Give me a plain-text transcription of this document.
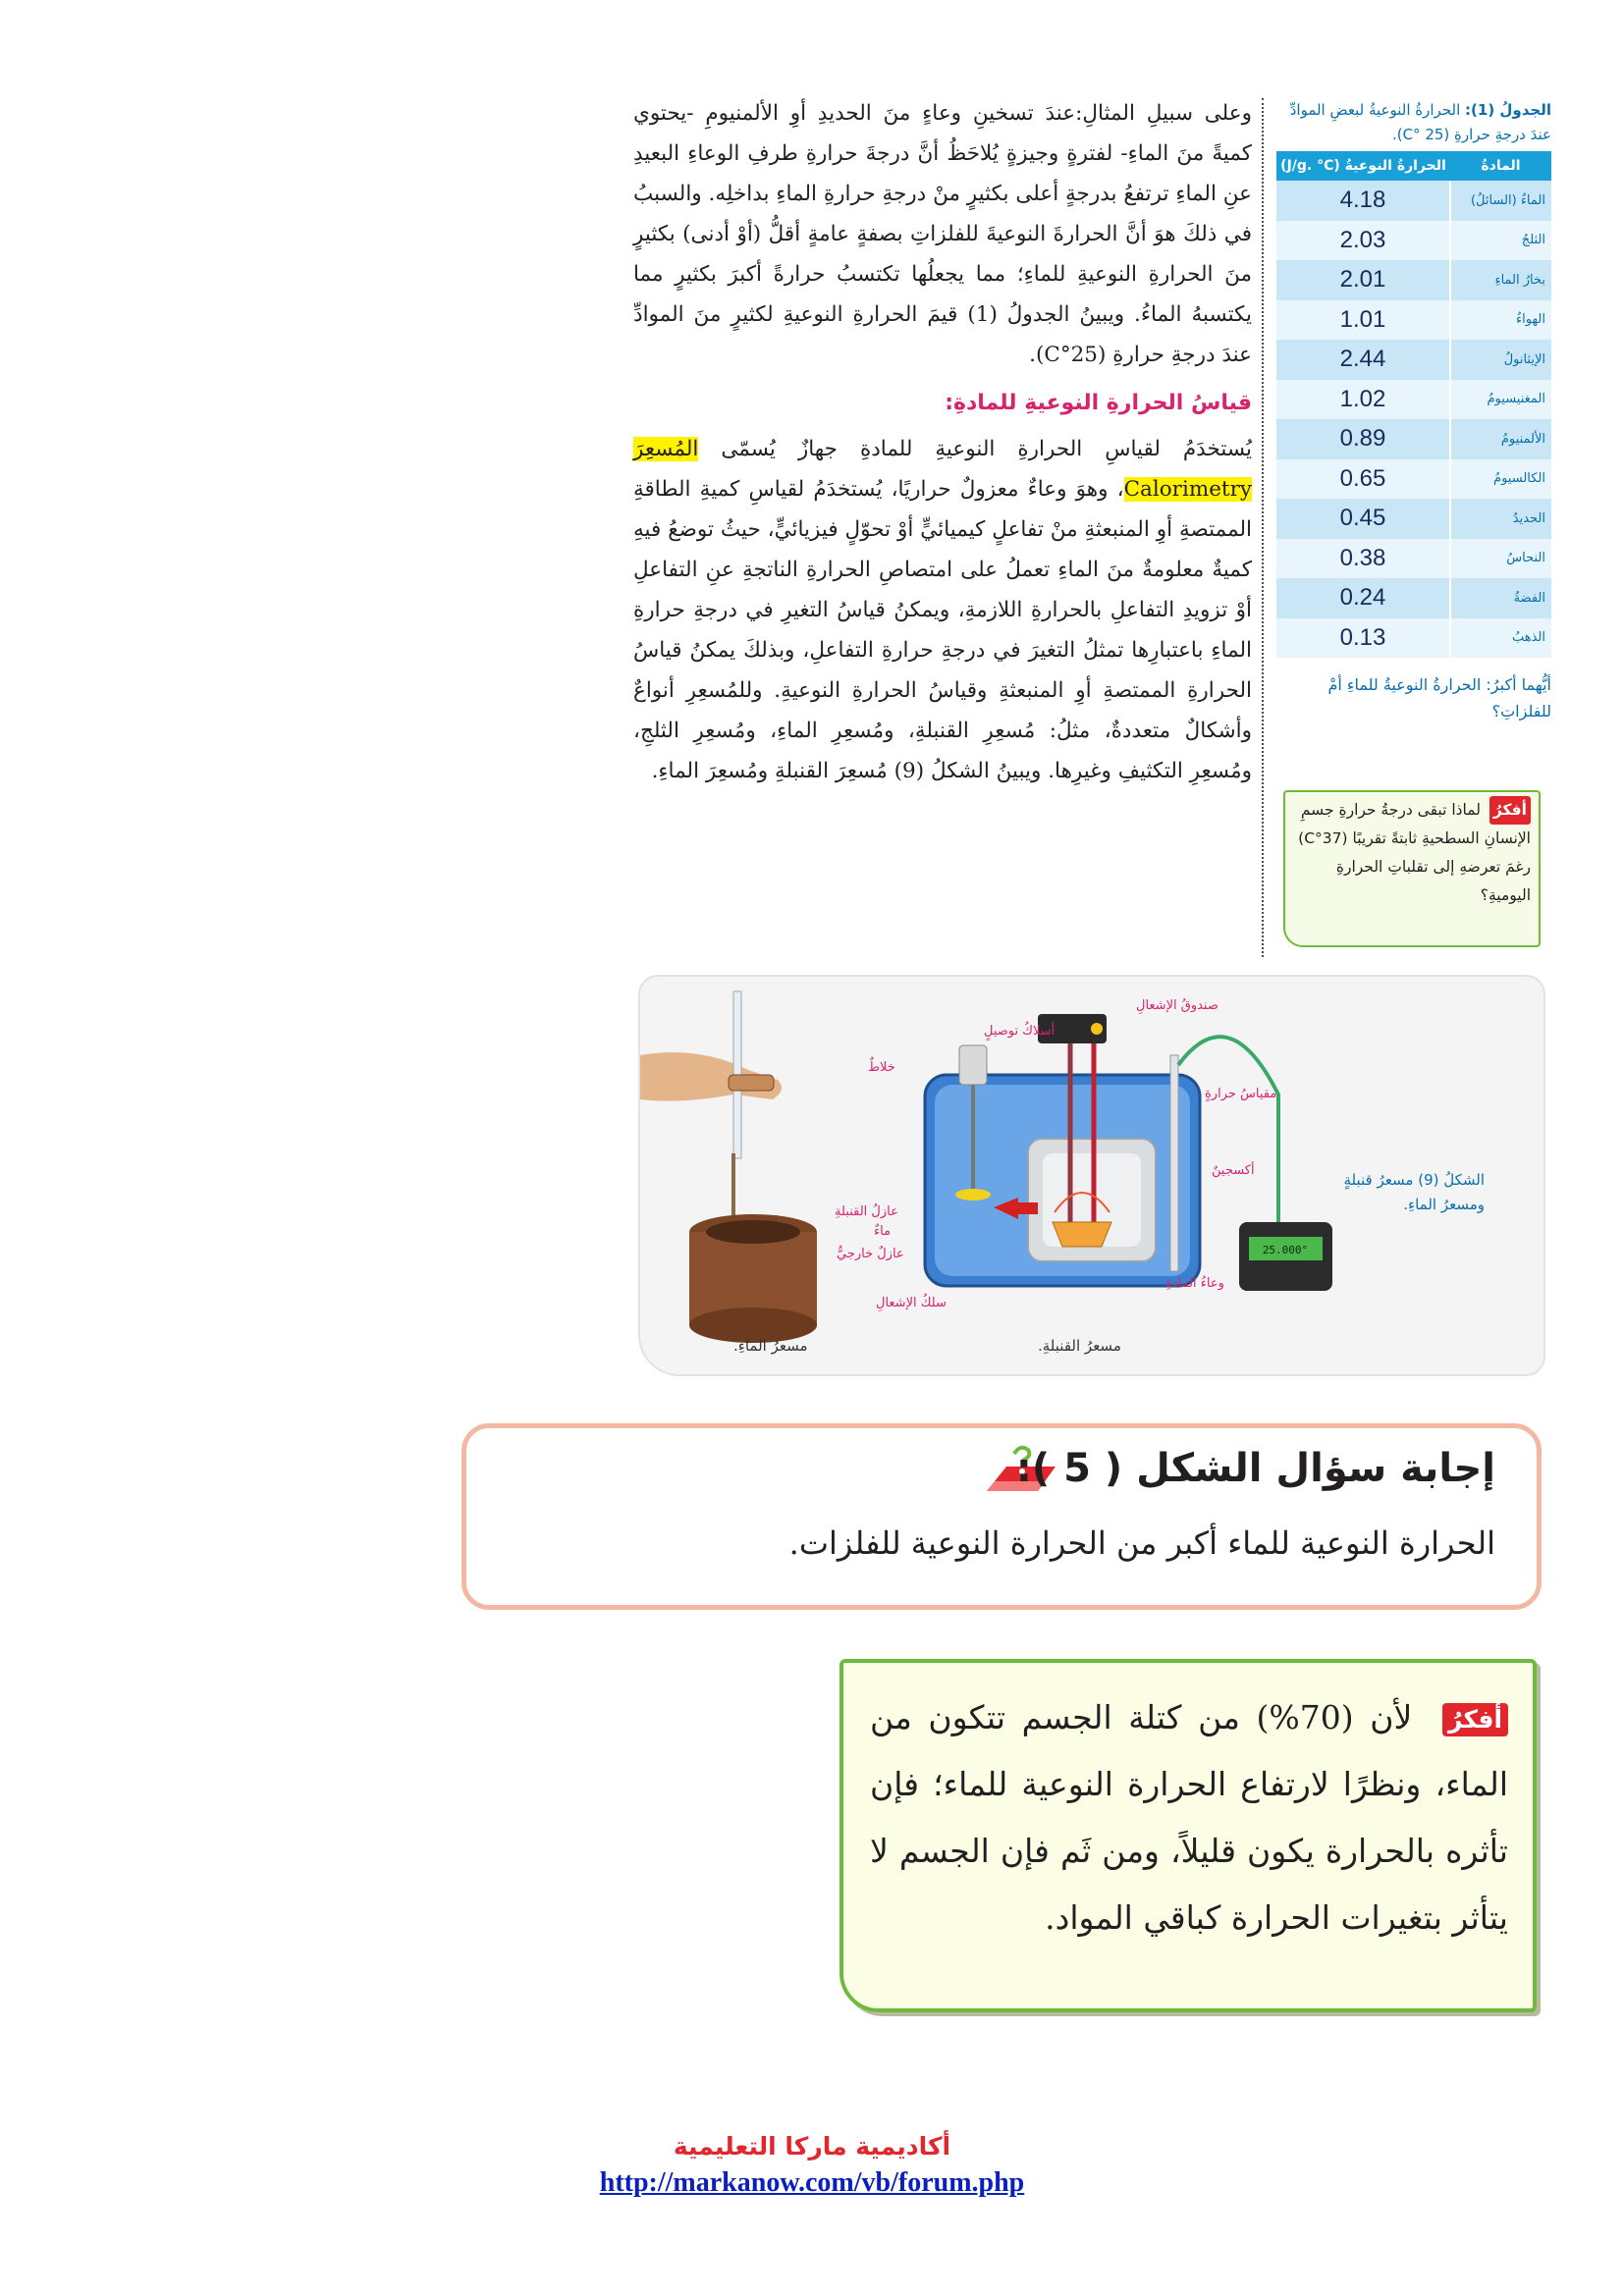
وعلى سبيلِ المثالِ:عندَ تسخينِ وعاءٍ منَ الحديدِ أوِ الألمنيومِ -يحتوي كميةً منَ الماءِ- لفترةٍ وجيزةٍ يُلاحَظُ أنَّ درجةَ حرارةِ طرفِ الوعاءِ البعيدِ عنِ الماءِ ترتفعُ بدرجةٍ أعلى بكثيرٍ منْ درجةِ حرارةِ الماءِ بداخلِه. والسببُ في ذلكَ هوَ أنَّ الحرارةَ النوعيةَ للفلزاتِ بصفةٍ عامةٍ أقلُّ (أوْ أدنى) بكثيرٍ منَ الحرارةِ النوعيةِ للماءِ؛ مما يجعلُها تكتسبُ حرارةً أكبرَ بكثيرٍ مما يكتسبهُ الماءُ. ويبينُ الجدولُ (1) قيمَ الحرارةِ النوعيةِ لكثيرٍ منَ الموادِّ عندَ درجةِ حرارةِ (25°C).

قياسُ الحرارةِ النوعيةِ للمادةِ:

يُستخدَمُ لقياسِ الحرارةِ النوعيةِ للمادةِ جهازٌ يُسمّى المُسعِرَ Calorimetry، وهوَ وعاءٌ معزولٌ حراريًا، يُستخدَمُ لقياسِ كميةِ الطاقةِ الممتصةِ أوِ المنبعثةِ منْ تفاعلٍ كيميائيٍّ أوْ تحوّلٍ فيزيائيٍّ، حيثُ توضعُ فيهِ كميةٌ معلومةٌ منَ الماءِ تعملُ على امتصاصِ الحرارةِ الناتجةِ عنِ التفاعلِ أوْ تزويدِ التفاعلِ بالحرارةِ اللازمةِ، ويمكنُ قياسُ التغيرِ في درجةِ حرارةِ الماءِ باعتبارِها تمثلُ التغيرَ في درجةِ حرارةِ التفاعلِ، وبذلكَ يمكنُ قياسُ الحرارةِ الممتصةِ أوِ المنبعثةِ وقياسُ الحرارةِ النوعيةِ. وللمُسعِرِ أنواعٌ وأشكالٌ متعددةٌ، مثلُ: مُسعِرِ القنبلةِ، ومُسعِرِ الماءِ، ومُسعِرِ الثلجِ، ومُسعِرِ التكثيفِ وغيرِها. ويبينُ الشكلُ (9) مُسعِرَ القنبلةِ ومُسعِرَ الماءِ.

الجدولُ (1): الحرارةُ النوعيةُ لبعضِ الموادِّ عندَ درجةِ حرارةِ (25 °C).
المادةُ	الحرارةُ النوعيةُ (J/g. °C)
الماءُ (السائلُ)	4.18
الثلجُ	2.03
بخارُ الماءِ	2.01
الهواءُ	1.01
الإيثانولُ	2.44
المغنيسيومُ	1.02
الألمنيومُ	0.89
الكالسيومُ	0.65
الحديدُ	0.45
النحاسُ	0.38
الفضةُ	0.24
الذهبُ	0.13
أيُّهما أكبرُ: الحرارةُ النوعيةُ للماءِ أمْ للفلزاتِ؟
أفكرُ لماذا تبقى درجةُ حرارةِ جسمِ الإنسانِ السطحيةِ ثابتةً تقريبًا (37°C) رغمَ تعرضهِ إلى تقلباتِ الحرارةِ اليوميةِ؟
25.000°
صندوقُ الإشعالِ
أسلاكُ توصيلٍ
خلاطٌ
مقياسُ حرارةٍ
أكسجينٌ
عازلُ القنبلةِ
ماءٌ
عازلٌ خارجيٌّ
سلكُ الإشعالِ
وعاءُ المادةِ
مسعرُ القنبلةِ.
مسعرُ الماءِ.
الشكلُ (9) مسعرُ قنبلةٍ ومسعرُ الماءِ.
إجابة سؤال الشكل ( 5 ):
الحرارة النوعية للماء أكبر من الحرارة النوعية للفلزات.
أفكرُ لأن (70%) من كتلة الجسم تتكون من الماء، ونظرًا لارتفاع الحرارة النوعية للماء؛ فإن تأثره بالحرارة يكون قليلاً، ومن ثَم فإن الجسم لا يتأثر بتغيرات الحرارة كباقي المواد.
أكاديمية ماركا التعليمية
http://markanow.com/vb/forum.php
